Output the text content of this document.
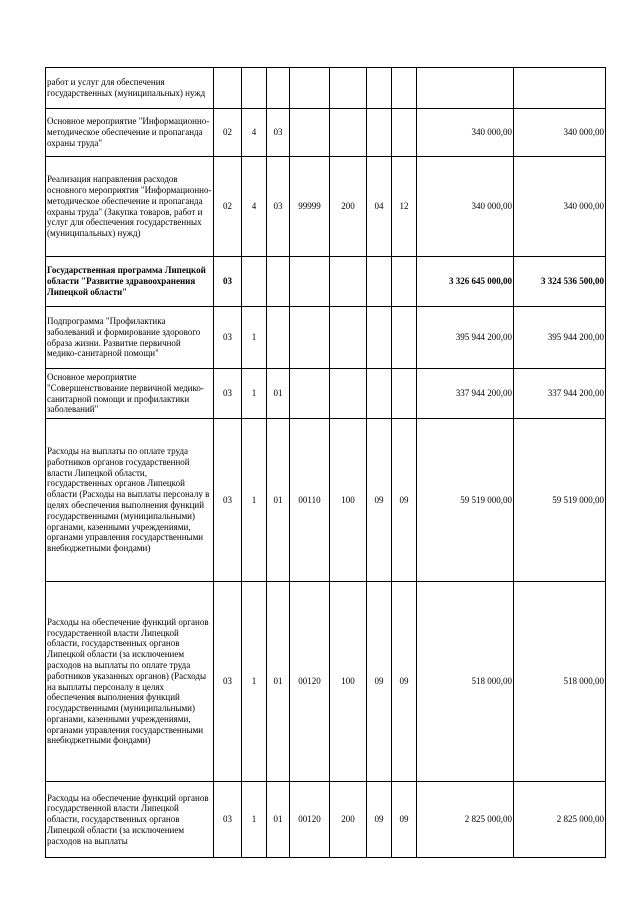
работ и услуг для обеспечения государственных (муниципальных) нужд									
Основное мероприятие "Информационно-методическое обеспечение и пропаганда охраны труда"	02	4	03					340 000,00	340 000,00
Реализация направления расходов основного мероприятия "Информационно-методическое обеспечение и пропаганда охраны труда" (Закупка товаров, работ и услуг для обеспечения государственных (муниципальных) нужд)	02	4	03	99999	200	04	12	340 000,00	340 000,00
Государственная программа Липецкой области "Развитие здравоохранения Липецкой области"	03							3 326 645 000,00	3 324 536 500,00
Подпрограмма "Профилактика заболеваний и формирование здорового образа жизни. Развитие первичной медико-санитарной помощи"	03	1						395 944 200,00	395 944 200,00
Основное мероприятие "Совершенствование первичной медико-санитарной помощи и профилактики заболеваний"	03	1	01					337 944 200,00	337 944 200,00
Расходы на выплаты по оплате труда работников органов государственной власти Липецкой области, государственных органов Липецкой области (Расходы на выплаты персоналу в целях обеспечения выполнения функций государственными (муниципальными) органами, казенными учреждениями, органами управления государственными внебюджетными фондами)	03	1	01	00110	100	09	09	59 519 000,00	59 519 000,00
Расходы на обеспечение функций органов государственной власти Липецкой области, государственных органов Липецкой области (за исключением расходов на выплаты по оплате труда работников указанных органов) (Расходы на выплаты персоналу в целях обеспечения выполнения функций государственными (муниципальными) органами, казенными учреждениями, органами управления государственными внебюджетными фондами)	03	1	01	00120	100	09	09	518 000,00	518 000,00
Расходы на обеспечение функций органов государственной власти Липецкой области, государственных органов Липецкой области (за исключением расходов на выплаты	03	1	01	00120	200	09	09	2 825 000,00	2 825 000,00
